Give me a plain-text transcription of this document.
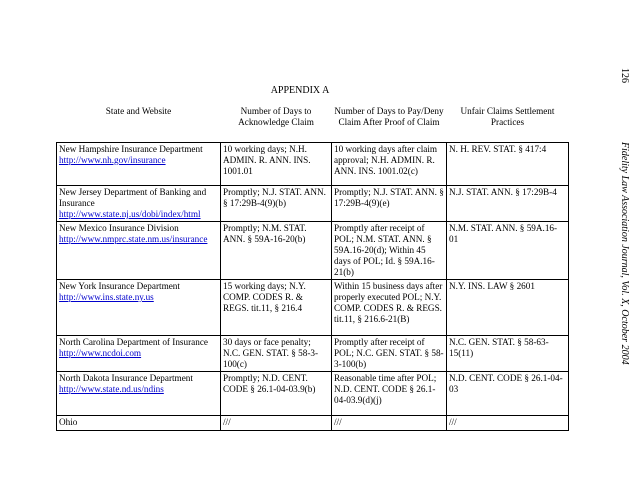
APPENDIX A
State and Website	Number of Days to Acknowledge Claim	Number of Days to Pay/Deny Claim After Proof of Claim	Unfair Claims Settlement Practices

New Hampshire Insurance Department
http://www.nh.gov/insurance	10 working days; N.H. ADMIN. R. ANN. INS. 1001.01	10 working days after claim approval; N.H. ADMIN. R. ANN. INS. 1001.02(c)	N. H. REV. STAT. § 417:4

New Jersey Department of Banking and Insurance
http://www.state.nj.us/dobi/index/html	Promptly; N.J. STAT. ANN. § 17:29B-4(9)(b)	Promptly; N.J. STAT. ANN. § 17:29B-4(9)(e)	N.J. STAT. ANN. § 17:29B-4

New Mexico Insurance Division
http://www.nmprc.state.nm.us/insurance	Promptly; N.M. STAT. ANN. § 59A-16-20(b)	Promptly after receipt of POL; N.M. STAT. ANN. § 59A.16-20(d); Within 45 days of POL; Id. § 59A.16-21(b)	N.M. STAT. ANN. § 59A.16-01

New York Insurance Department
http://www.ins.state.ny.us	15 working days; N.Y. COMP. CODES R. & REGS. tit.11, § 216.4	Within 15 business days after properly executed POL; N.Y. COMP. CODES R. & REGS. tit.11, § 216.6-21(B)	N.Y. INS. LAW § 2601

North Carolina Department of Insurance
http://www.ncdoi.com	30 days or face penalty; N.C. GEN. STAT. § 58-3-100(c)	Promptly after receipt of POL; N.C. GEN. STAT. § 58-3-100(b)	N.C. GEN. STAT. § 58-63-15(11)

North Dakota Insurance Department
http://www.state.nd.us/ndins	Promptly; N.D. CENT. CODE § 26.1-04-03.9(b)	Reasonable time after POL; N.D. CENT. CODE § 26.1-04-03.9(d)(j)	N.D. CENT. CODE § 26.1-04-03

Ohio	///	///	///
126
Fidelity Law Association Journal, Vol. X, October 2004
